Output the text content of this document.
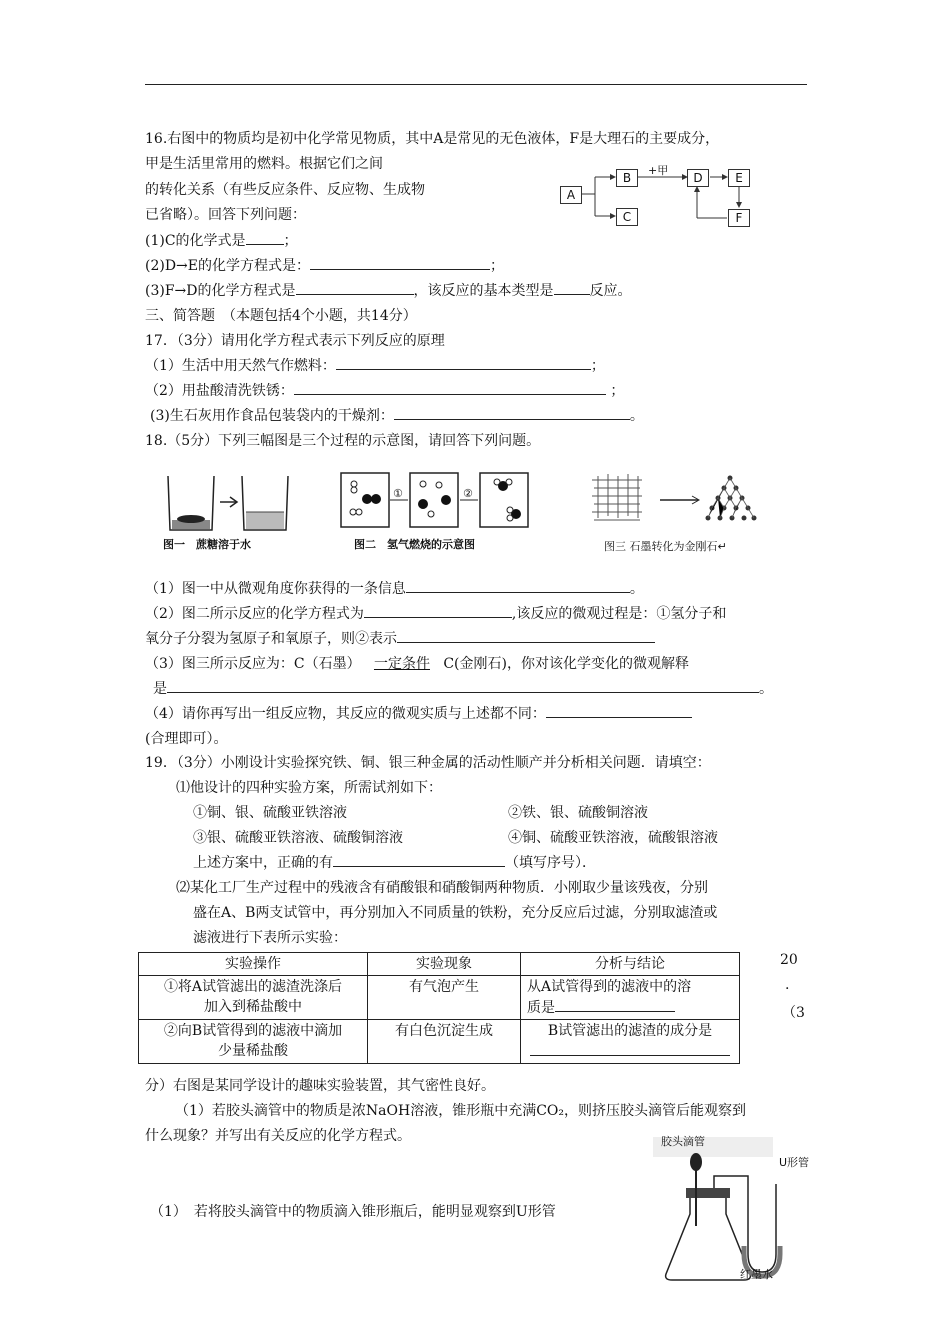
16.右图中的物质均是初中化学常见物质，其中A是常见的无色液体，F是大理石的主要成分，
甲是生活里常用的燃料。根据它们之间
的转化关系（有些反应条件、反应物、生成物
已省略）。回答下列问题：
(1)C的化学式是	；
(2)D→E的化学方程式是：	；
(3)F→D的化学方程式是	，该反应的基本类型是	反应。
A
B
C
D	E
F
+甲
三、简答题　（本题包括4个小题，共14分）
17．（3分）请用化学方程式表示下列反应的原理
（1）生活中用天然气作燃料：	；
（2）用盐酸清洗铁锈：	；
(3)生石灰用作食品包装袋内的干燥剂：	。
18.（5分）下列三幅图是三个过程的示意图，请回答下列问题。
图一　蔗糖溶于水
①	②
图二　氢气燃烧的示意图	图三 石墨转化为金刚石↵
（1）图一中从微观角度你获得的一条信息	。
（2）图二所示反应的化学方程式为	,该反应的微观过程是：①氢分子和
氧分子分裂为氢原子和氧原子，则②表示
（3）图三所示反应为：C（石墨） 一定条件 C(金刚石)，你对该化学变化的微观解释
是	。
（4）请你再写出一组反应物，其反应的微观实质与上述都不同：
(合理即可）。
19．（3分）小刚设计实验探究铁、铜、银三种金属的活动性顺产并分析相关问题．请填空：
⑴他设计的四种实验方案，所需试剂如下：
①铜、银、硫酸亚铁溶液	②铁、银、硫酸铜溶液
③银、硫酸亚铁溶液、硫酸铜溶液	④铜、硫酸亚铁溶液，硫酸银溶液
上述方案中，正确的有	（填写序号）．
⑵某化工厂生产过程中的残液含有硝酸银和硝酸铜两种物质．小刚取少量该残夜，分别
盛在A、B两支试管中，再分别加入不同质量的铁粉，充分反应后过滤，分别取滤渣或
滤液进行下表所示实验：
实验操作	实验现象	分析与结论
①将A试管滤出的滤渣洗涤后
加入到稀盐酸中	有气泡产生	从A试管得到的滤液中的溶
质是
②向B试管得到的滤液中滴加
少量稀盐酸	有白色沉淀生成	B试管滤出的滤渣的成分是

20
.
（3
分）右图是某同学设计的趣味实验装置，其气密性良好。
（1）若胶头滴管中的物质是浓NaOH溶液，锥形瓶中充满CO₂，则挤压胶头滴管后能观察到
什么现象？并写出有关反应的化学方程式。
（1）　若将胶头滴管中的物质滴入锥形瓶后，能明显观察到U形管
胶头滴管
U形管
红墨水
